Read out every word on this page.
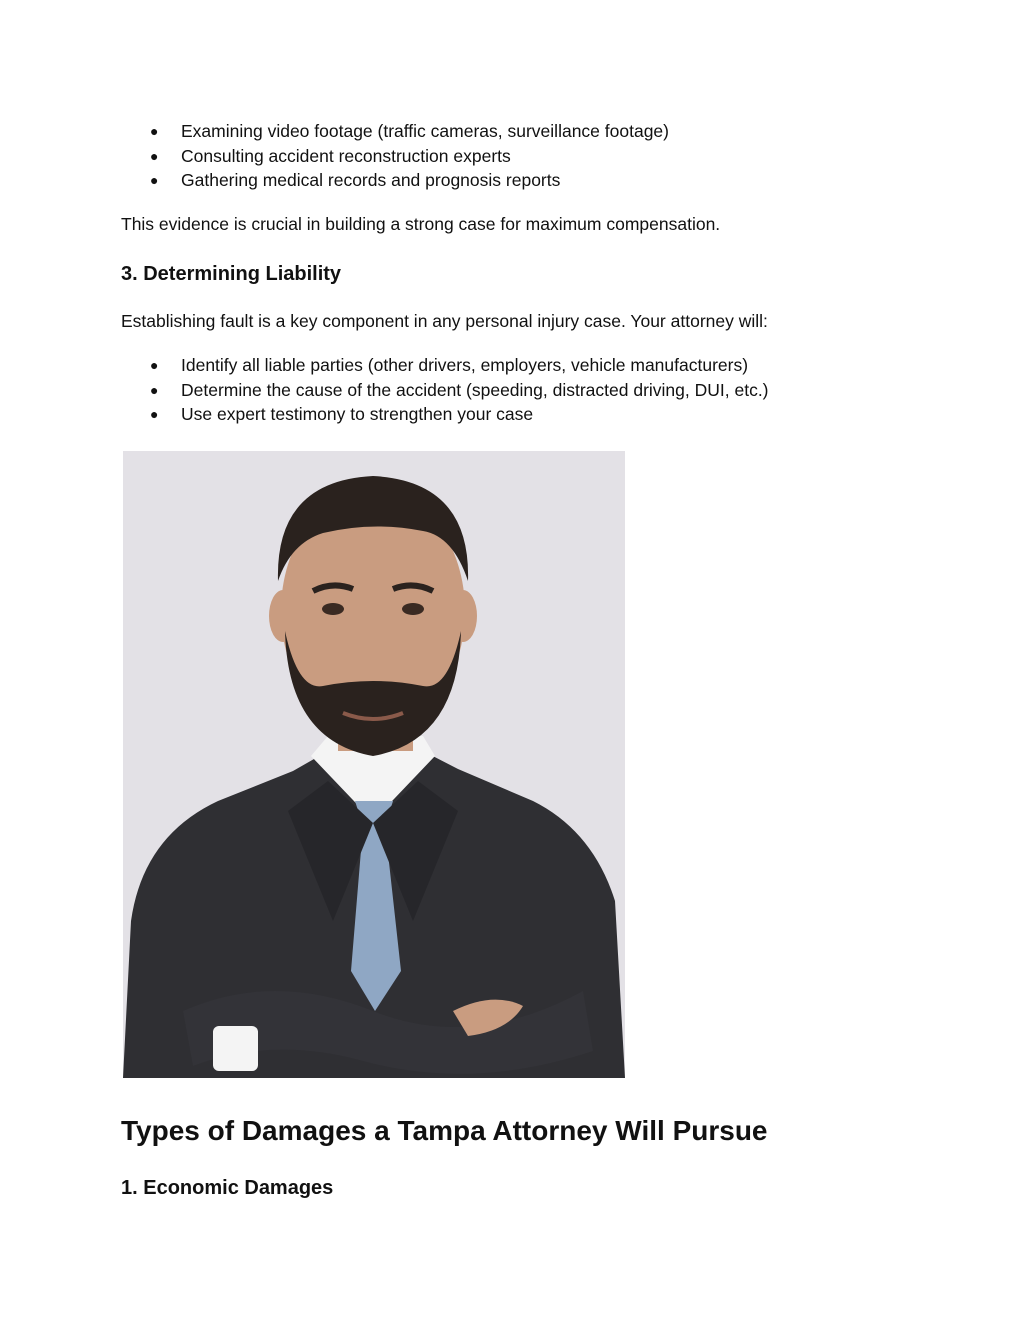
● Examining video footage (traffic cameras, surveillance footage)
● Consulting accident reconstruction experts
● Gathering medical records and prognosis reports

This evidence is crucial in building a strong case for maximum compensation.

3. Determining Liability

Establishing fault is a key component in any personal injury case. Your attorney will:

● Identify all liable parties (other drivers, employers, vehicle manufacturers)
● Determine the cause of the accident (speeding, distracted driving, DUI, etc.)
● Use expert testimony to strengthen your case
Types of Damages a Tampa Attorney Will Pursue
1. Economic Damages
